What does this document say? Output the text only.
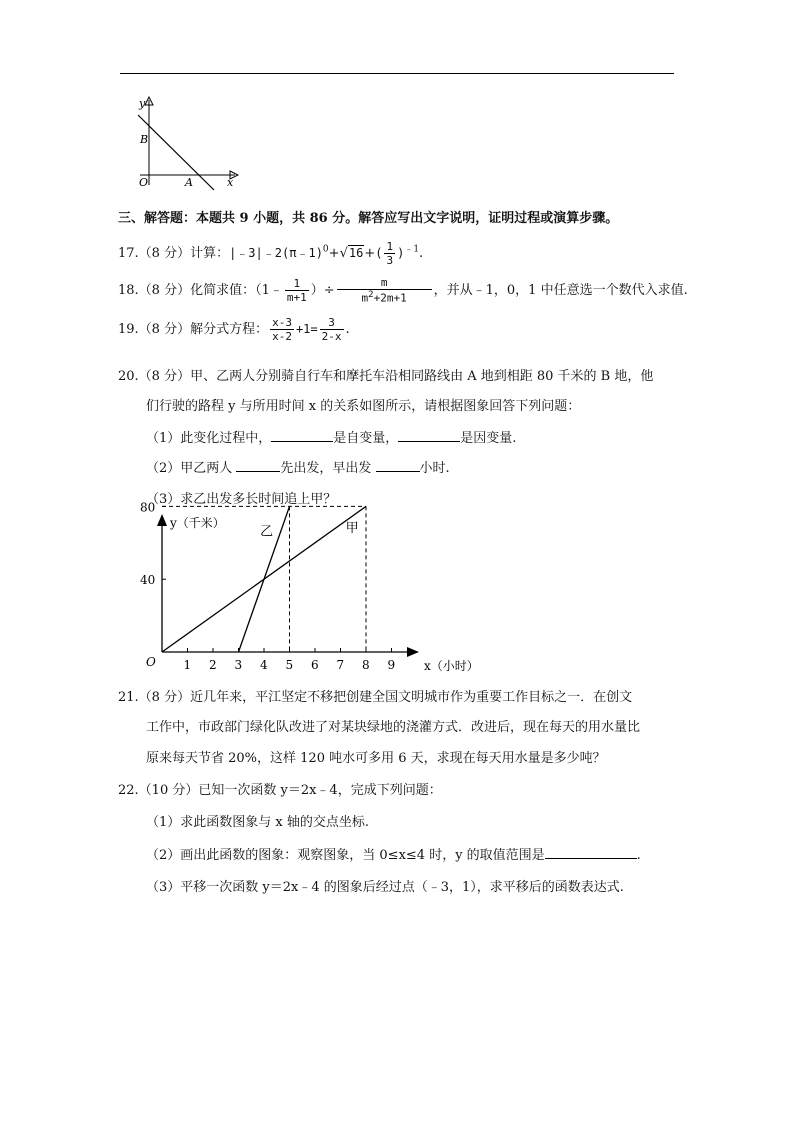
y
B
O	A	x
三、解答题：本题共 9 小题，共 86 分。解答应写出文字说明，证明过程或演算步骤。
17.（8 分）计算：|﹣3|﹣2(π﹣1)$^0$+√16+( $\frac{1}{3} )^{﹣1}$.
18.（8 分）化简求值：（1﹣ $\frac{1}{m+1}$ ）÷ $\frac{m}{m^2+2m+1}$ ，并从﹣1，0，1 中任意选一个数代入求值.
19.（8 分）解分式方程： $\frac{x-3}{x-2} +1= \frac{3}{2-x}$ .
20.（8 分）甲、乙两人分别骑自行车和摩托车沿相同路线由 A 地到相距 80 千米的 B 地，他
们行驶的路程 y 与所用时间 x 的关系如图所示，请根据图象回答下列问题：
（1）此变化过程中，	是自变量，	是因变量.
（2）甲乙两人	先出发，早出发	小时.
（3）求乙出发多长时间追上甲？
y（千米）
x（小时）
O 1 2 3 4 5 6 7 8 9
40
80
甲
乙
21.（8 分）近几年来，平江坚定不移把创建全国文明城市作为重要工作目标之一．在创文
工作中，市政部门绿化队改进了对某块绿地的浇灌方式．改进后，现在每天的用水量比
原来每天节省 20%，这样 120 吨水可多用 6 天，求现在每天用水量是多少吨？
22.（10 分）已知一次函数 y＝2x﹣4，完成下列问题：
（1）求此函数图象与 x 轴的交点坐标.
（2）画出此函数的图象：观察图象，当 0≤x≤4 时，y 的取值范围是	.
（3）平移一次函数 y＝2x﹣4 的图象后经过点（﹣3，1），求平移后的函数表达式.
